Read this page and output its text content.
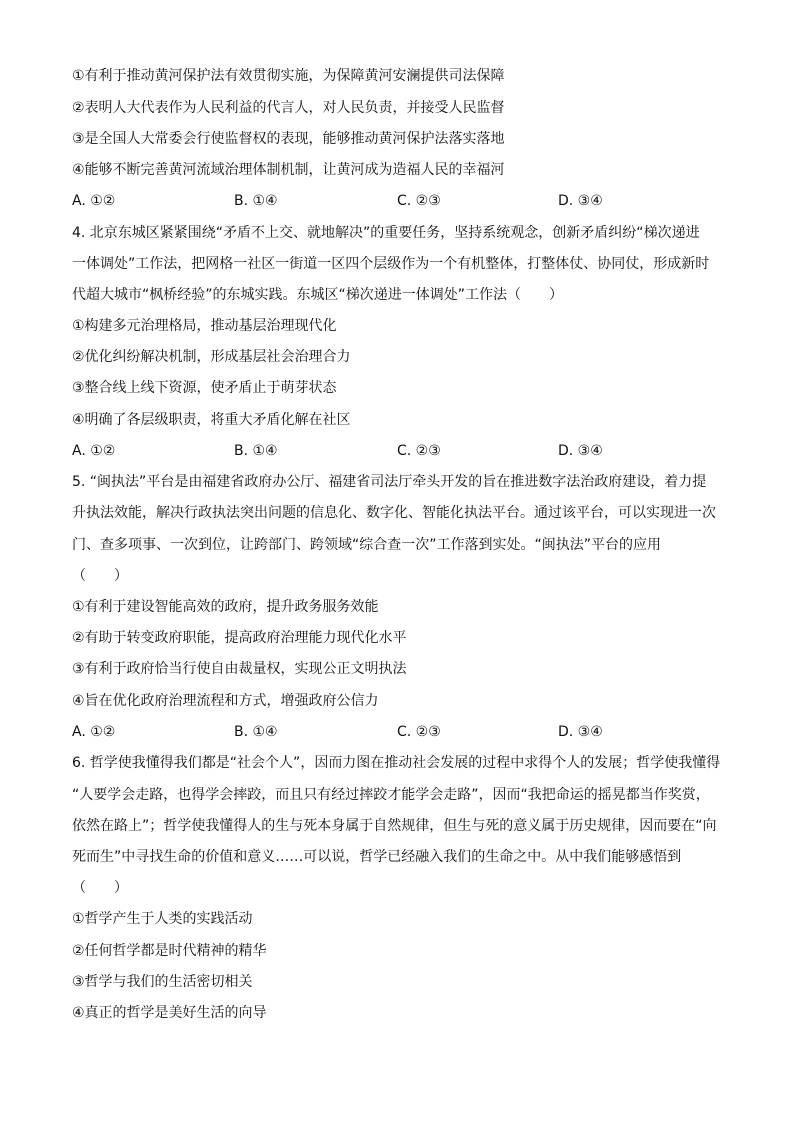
①有利于推动黄河保护法有效贯彻实施，为保障黄河安澜提供司法保障
②表明人大代表作为人民利益的代言人，对人民负责，并接受人民监督
③是全国人大常委会行使监督权的表现，能够推动黄河保护法落实落地
④能够不断完善黄河流域治理体制机制，让黄河成为造福人民的幸福河
A. ①②	B. ①④	C. ②③	D. ③④
4. 北京东城区紧紧围绕“矛盾不上交、就地解决”的重要任务，坚持系统观念，创新矛盾纠纷“梯次递进
一体调处”工作法，把网格一社区一街道一区四个层级作为一个有机整体，打整体仗、协同仗，形成新时
代超大城市“枫桥经验”的东城实践。东城区“梯次递进一体调处”工作法（　　）
①构建多元治理格局，推动基层治理现代化
②优化纠纷解决机制，形成基层社会治理合力
③整合线上线下资源，使矛盾止于萌芽状态
④明确了各层级职责，将重大矛盾化解在社区
A. ①②	B. ①④	C. ②③	D. ③④
5. “闽执法”平台是由福建省政府办公厅、福建省司法厅牵头开发的旨在推进数字法治政府建设，着力提
升执法效能，解决行政执法突出问题的信息化、数字化、智能化执法平台。通过该平台，可以实现进一次
门、查多项事、一次到位，让跨部门、跨领域“综合查一次”工作落到实处。“闽执法”平台的应用
（　　）
①有利于建设智能高效的政府，提升政务服务效能
②有助于转变政府职能，提高政府治理能力现代化水平
③有利于政府恰当行使自由裁量权，实现公正文明执法
④旨在优化政府治理流程和方式，增强政府公信力
A. ①②	B. ①④	C. ②③	D. ③④
6. 哲学使我懂得我们都是“社会个人”，因而力图在推动社会发展的过程中求得个人的发展；哲学使我懂得
“人要学会走路，也得学会摔跤，而且只有经过摔跤才能学会走路”，因而“我把命运的摇晃都当作奖赏，
依然在路上”；哲学使我懂得人的生与死本身属于自然规律，但生与死的意义属于历史规律，因而要在“向
死而生”中寻找生命的价值和意义……可以说，哲学已经融入我们的生命之中。从中我们能够感悟到
（　　）
①哲学产生于人类的实践活动
②任何哲学都是时代精神的精华
③哲学与我们的生活密切相关
④真正的哲学是美好生活的向导
